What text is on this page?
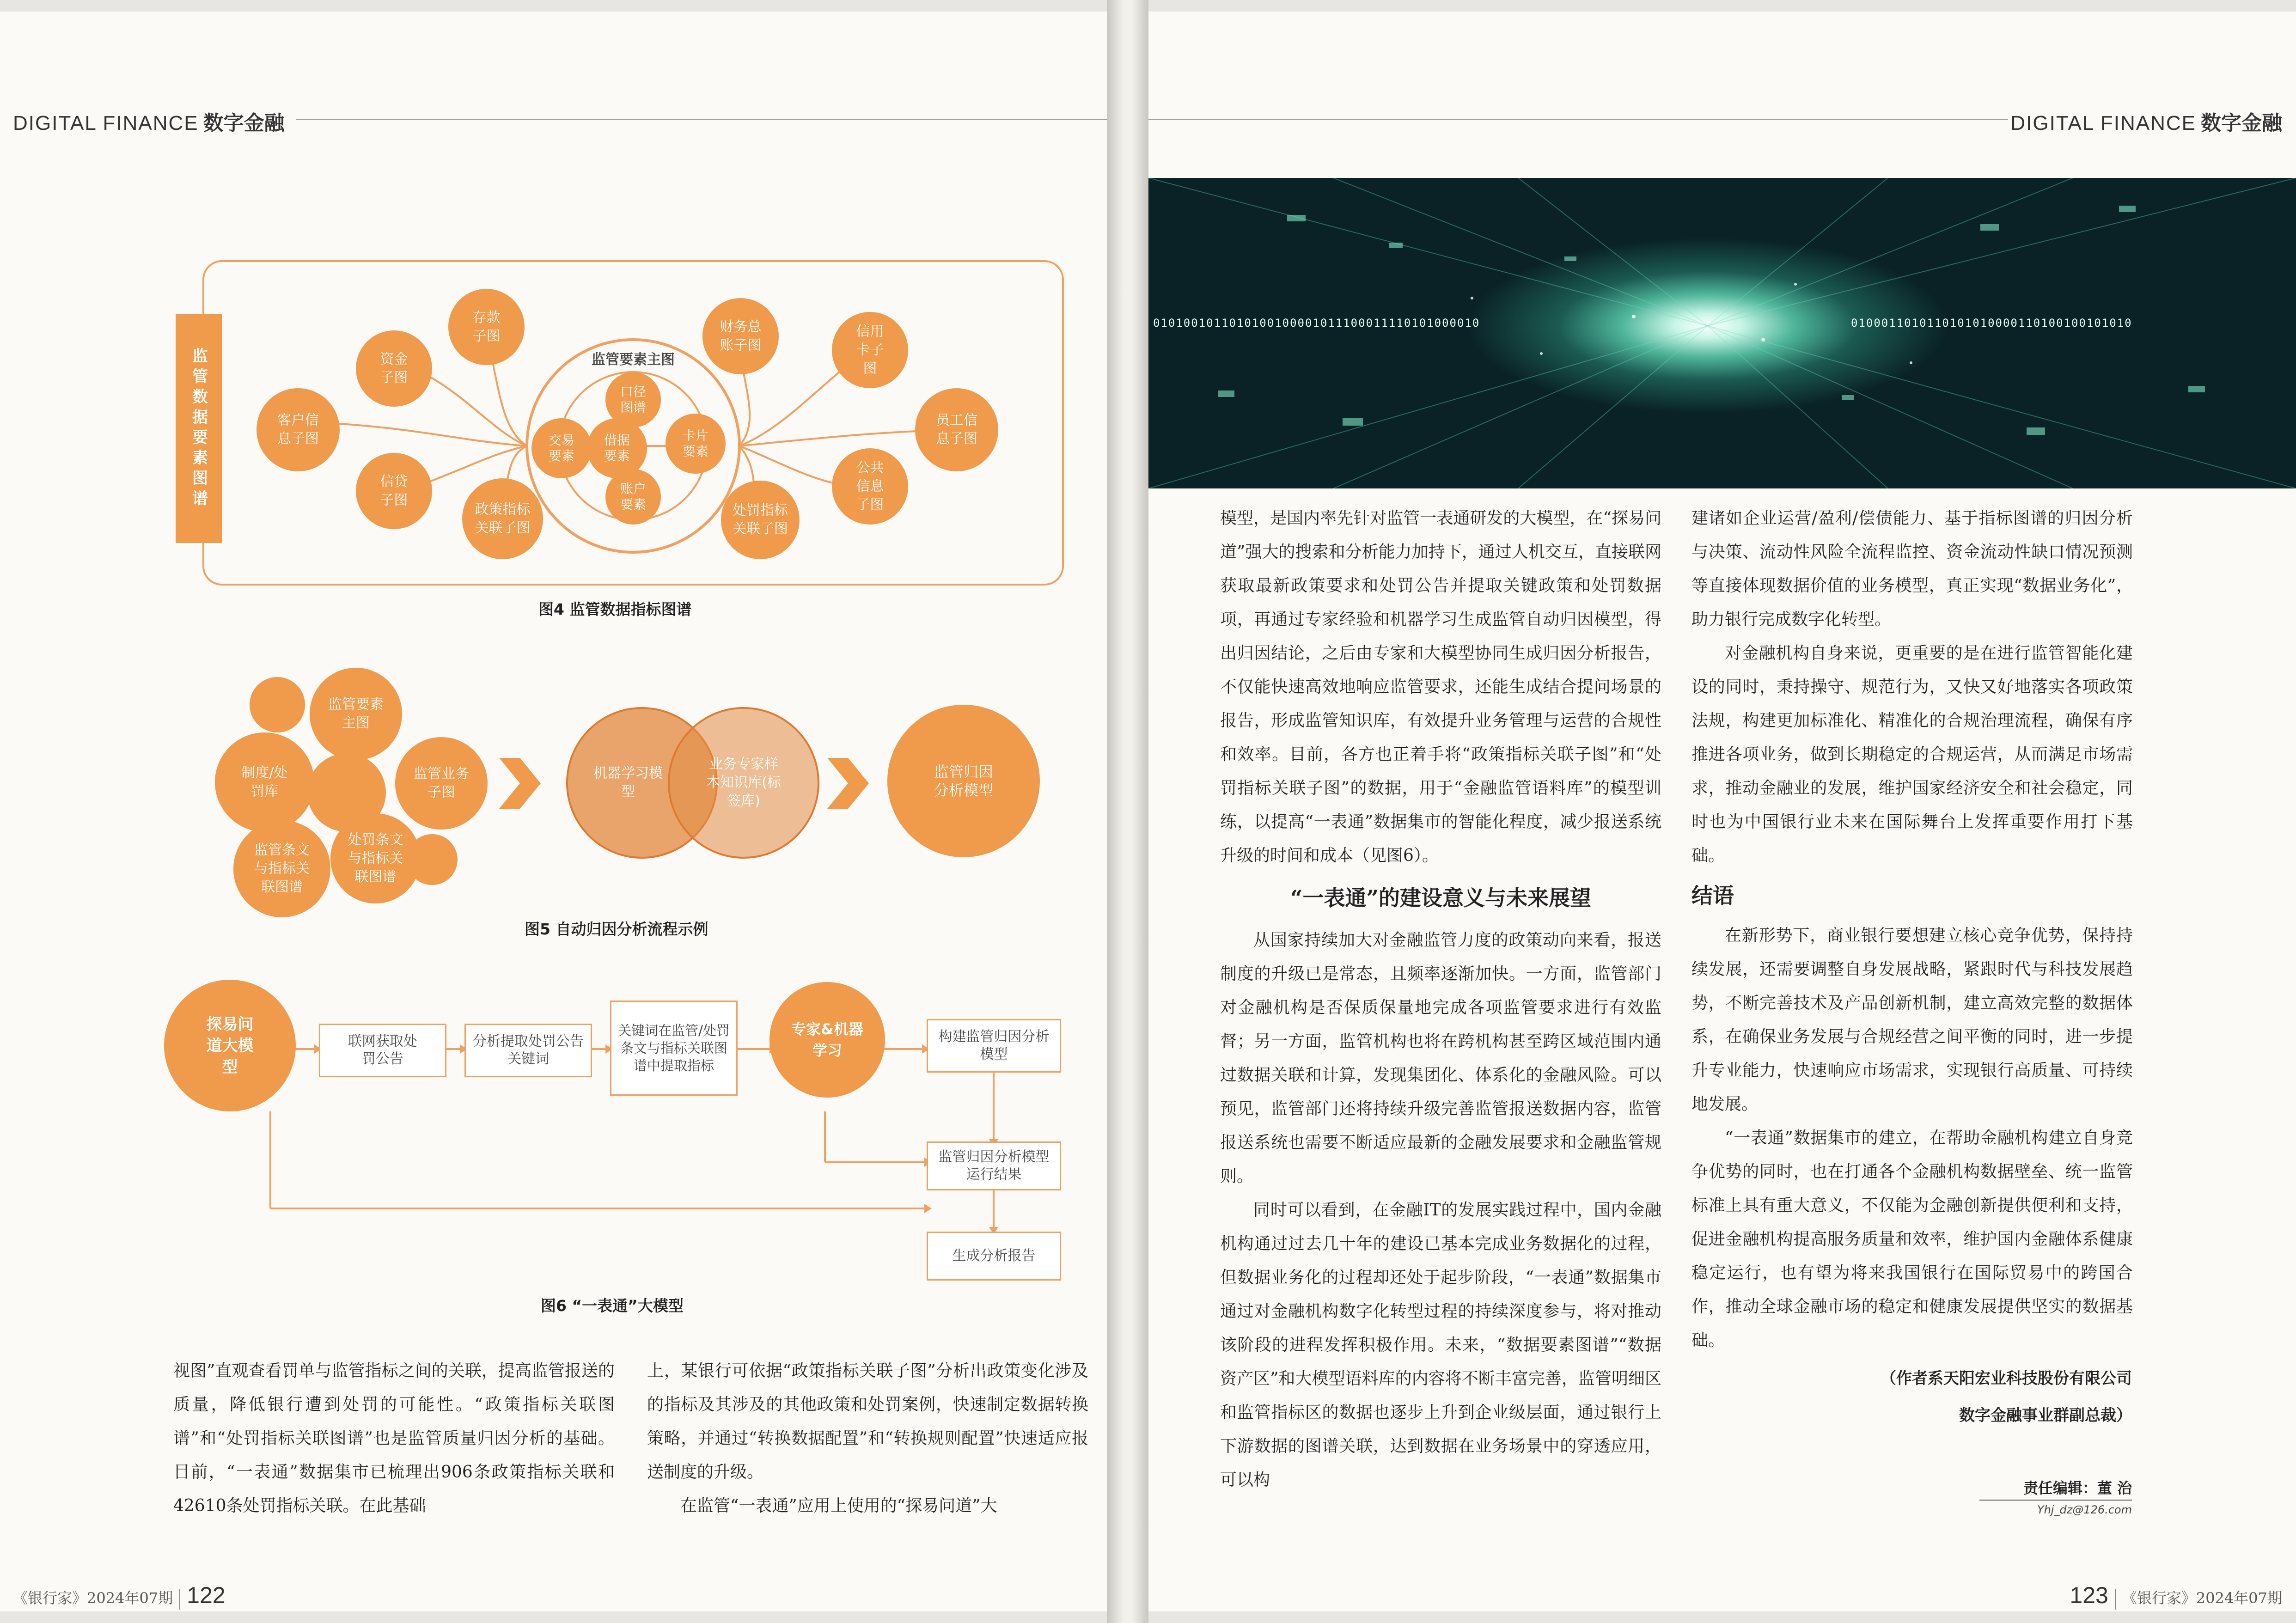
DIGITAL FINANCE 数字金融
监管数据要素图谱	监管要素主图
口径图谱
交易要素
借据要素
卡片要素
账户要素
资金子图
存款子图
客户信息子图
信贷子图
政策指标关联子图
财务总账子图
信用卡子图
员工信息子图
公共信息子图
处罚指标关联子图
图4 监管数据指标图谱
监管要素主图
制度/处罚库
监管业务子图
监管条文与指标关联图谱
处罚条文与指标关联图谱
机器学习模型
业务专家样本知识库(标签库)
监管归因分析模型
图5 自动归因分析流程示例
探易问道大模型
联网获取处罚公告
分析提取处罚公告关键词
关键词在监管/处罚条文与指标关联图谱中提取指标
专家&机器学习
构建监管归因分析模型
监管归因分析模型运行结果
生成分析报告
图6 “一表通”大模型

视图”直观查看罚单与监管指标之间的关联，提高监管报送的质量，降低银行遭到处罚的可能性。“政策指标关联图谱”和“处罚指标关联图谱”也是监管质量归因分析的基础。目前，“一表通”数据集市已梳理出906条政策指标关联和42610条处罚指标关联。在此基础

上，某银行可依据“政策指标关联子图”分析出政策变化涉及的指标及其涉及的其他政策和处罚案例，快速制定数据转换策略，并通过“转换数据配置”和“转换规则配置”快速适应报送制度的升级。

在监管“一表通”应用上使用的“探易问道”大

《银行家》2024年07期 122
DIGITAL FINANCE 数字金融
0101001011010100100001011100011110101000010	0100011010110101010000110100100101010

模型，是国内率先针对监管一表通研发的大模型，在“探易问道”强大的搜索和分析能力加持下，通过人机交互，直接联网获取最新政策要求和处罚公告并提取关键政策和处罚数据项，再通过专家经验和机器学习生成监管自动归因模型，得出归因结论，之后由专家和大模型协同生成归因分析报告，不仅能快速高效地响应监管要求，还能生成结合提问场景的报告，形成监管知识库，有效提升业务管理与运营的合规性和效率。目前，各方也正着手将“政策指标关联子图”和“处罚指标关联子图”的数据，用于“金融监管语料库”的模型训练，以提高“一表通”数据集市的智能化程度，减少报送系统升级的时间和成本（见图6）。

“一表通”的建设意义与未来展望

从国家持续加大对金融监管力度的政策动向来看，报送制度的升级已是常态，且频率逐渐加快。一方面，监管部门对金融机构是否保质保量地完成各项监管要求进行有效监督；另一方面，监管机构也将在跨机构甚至跨区域范围内通过数据关联和计算，发现集团化、体系化的金融风险。可以预见，监管部门还将持续升级完善监管报送数据内容，监管报送系统也需要不断适应最新的金融发展要求和金融监管规则。

同时可以看到，在金融IT的发展实践过程中，国内金融机构通过过去几十年的建设已基本完成业务数据化的过程，但数据业务化的过程却还处于起步阶段，“一表通”数据集市通过对金融机构数字化转型过程的持续深度参与，将对推动该阶段的进程发挥积极作用。未来，“数据要素图谱”“数据资产区”和大模型语料库的内容将不断丰富完善，监管明细区和监管指标区的数据也逐步上升到企业级层面，通过银行上下游数据的图谱关联，达到数据在业务场景中的穿透应用，可以构

建诸如企业运营/盈利/偿债能力、基于指标图谱的归因分析与决策、流动性风险全流程监控、资金流动性缺口情况预测等直接体现数据价值的业务模型，真正实现“数据业务化”，助力银行完成数字化转型。

对金融机构自身来说，更重要的是在进行监管智能化建设的同时，秉持操守、规范行为，又快又好地落实各项政策法规，构建更加标准化、精准化的合规治理流程，确保有序推进各项业务，做到长期稳定的合规运营，从而满足市场需求，推动金融业的发展，维护国家经济安全和社会稳定，同时也为中国银行业未来在国际舞台上发挥重要作用打下基础。

结语

在新形势下，商业银行要想建立核心竞争优势，保持持续发展，还需要调整自身发展战略，紧跟时代与科技发展趋势，不断完善技术及产品创新机制，建立高效完整的数据体系，在确保业务发展与合规经营之间平衡的同时，进一步提升专业能力，快速响应市场需求，实现银行高质量、可持续地发展。

“一表通”数据集市的建立，在帮助金融机构建立自身竞争优势的同时，也在打通各个金融机构数据壁垒、统一监管标准上具有重大意义，不仅能为金融创新提供便利和支持，促进金融机构提高服务质量和效率，维护国内金融体系健康稳定运行，也有望为将来我国银行在国际贸易中的跨国合作，推动全球金融市场的稳定和健康发展提供坚实的数据基础。

（作者系天阳宏业科技股份有限公司
数字金融事业群副总裁）
责任编辑：董 治
Yhj_dz@126.com
123 《银行家》2024年07期
